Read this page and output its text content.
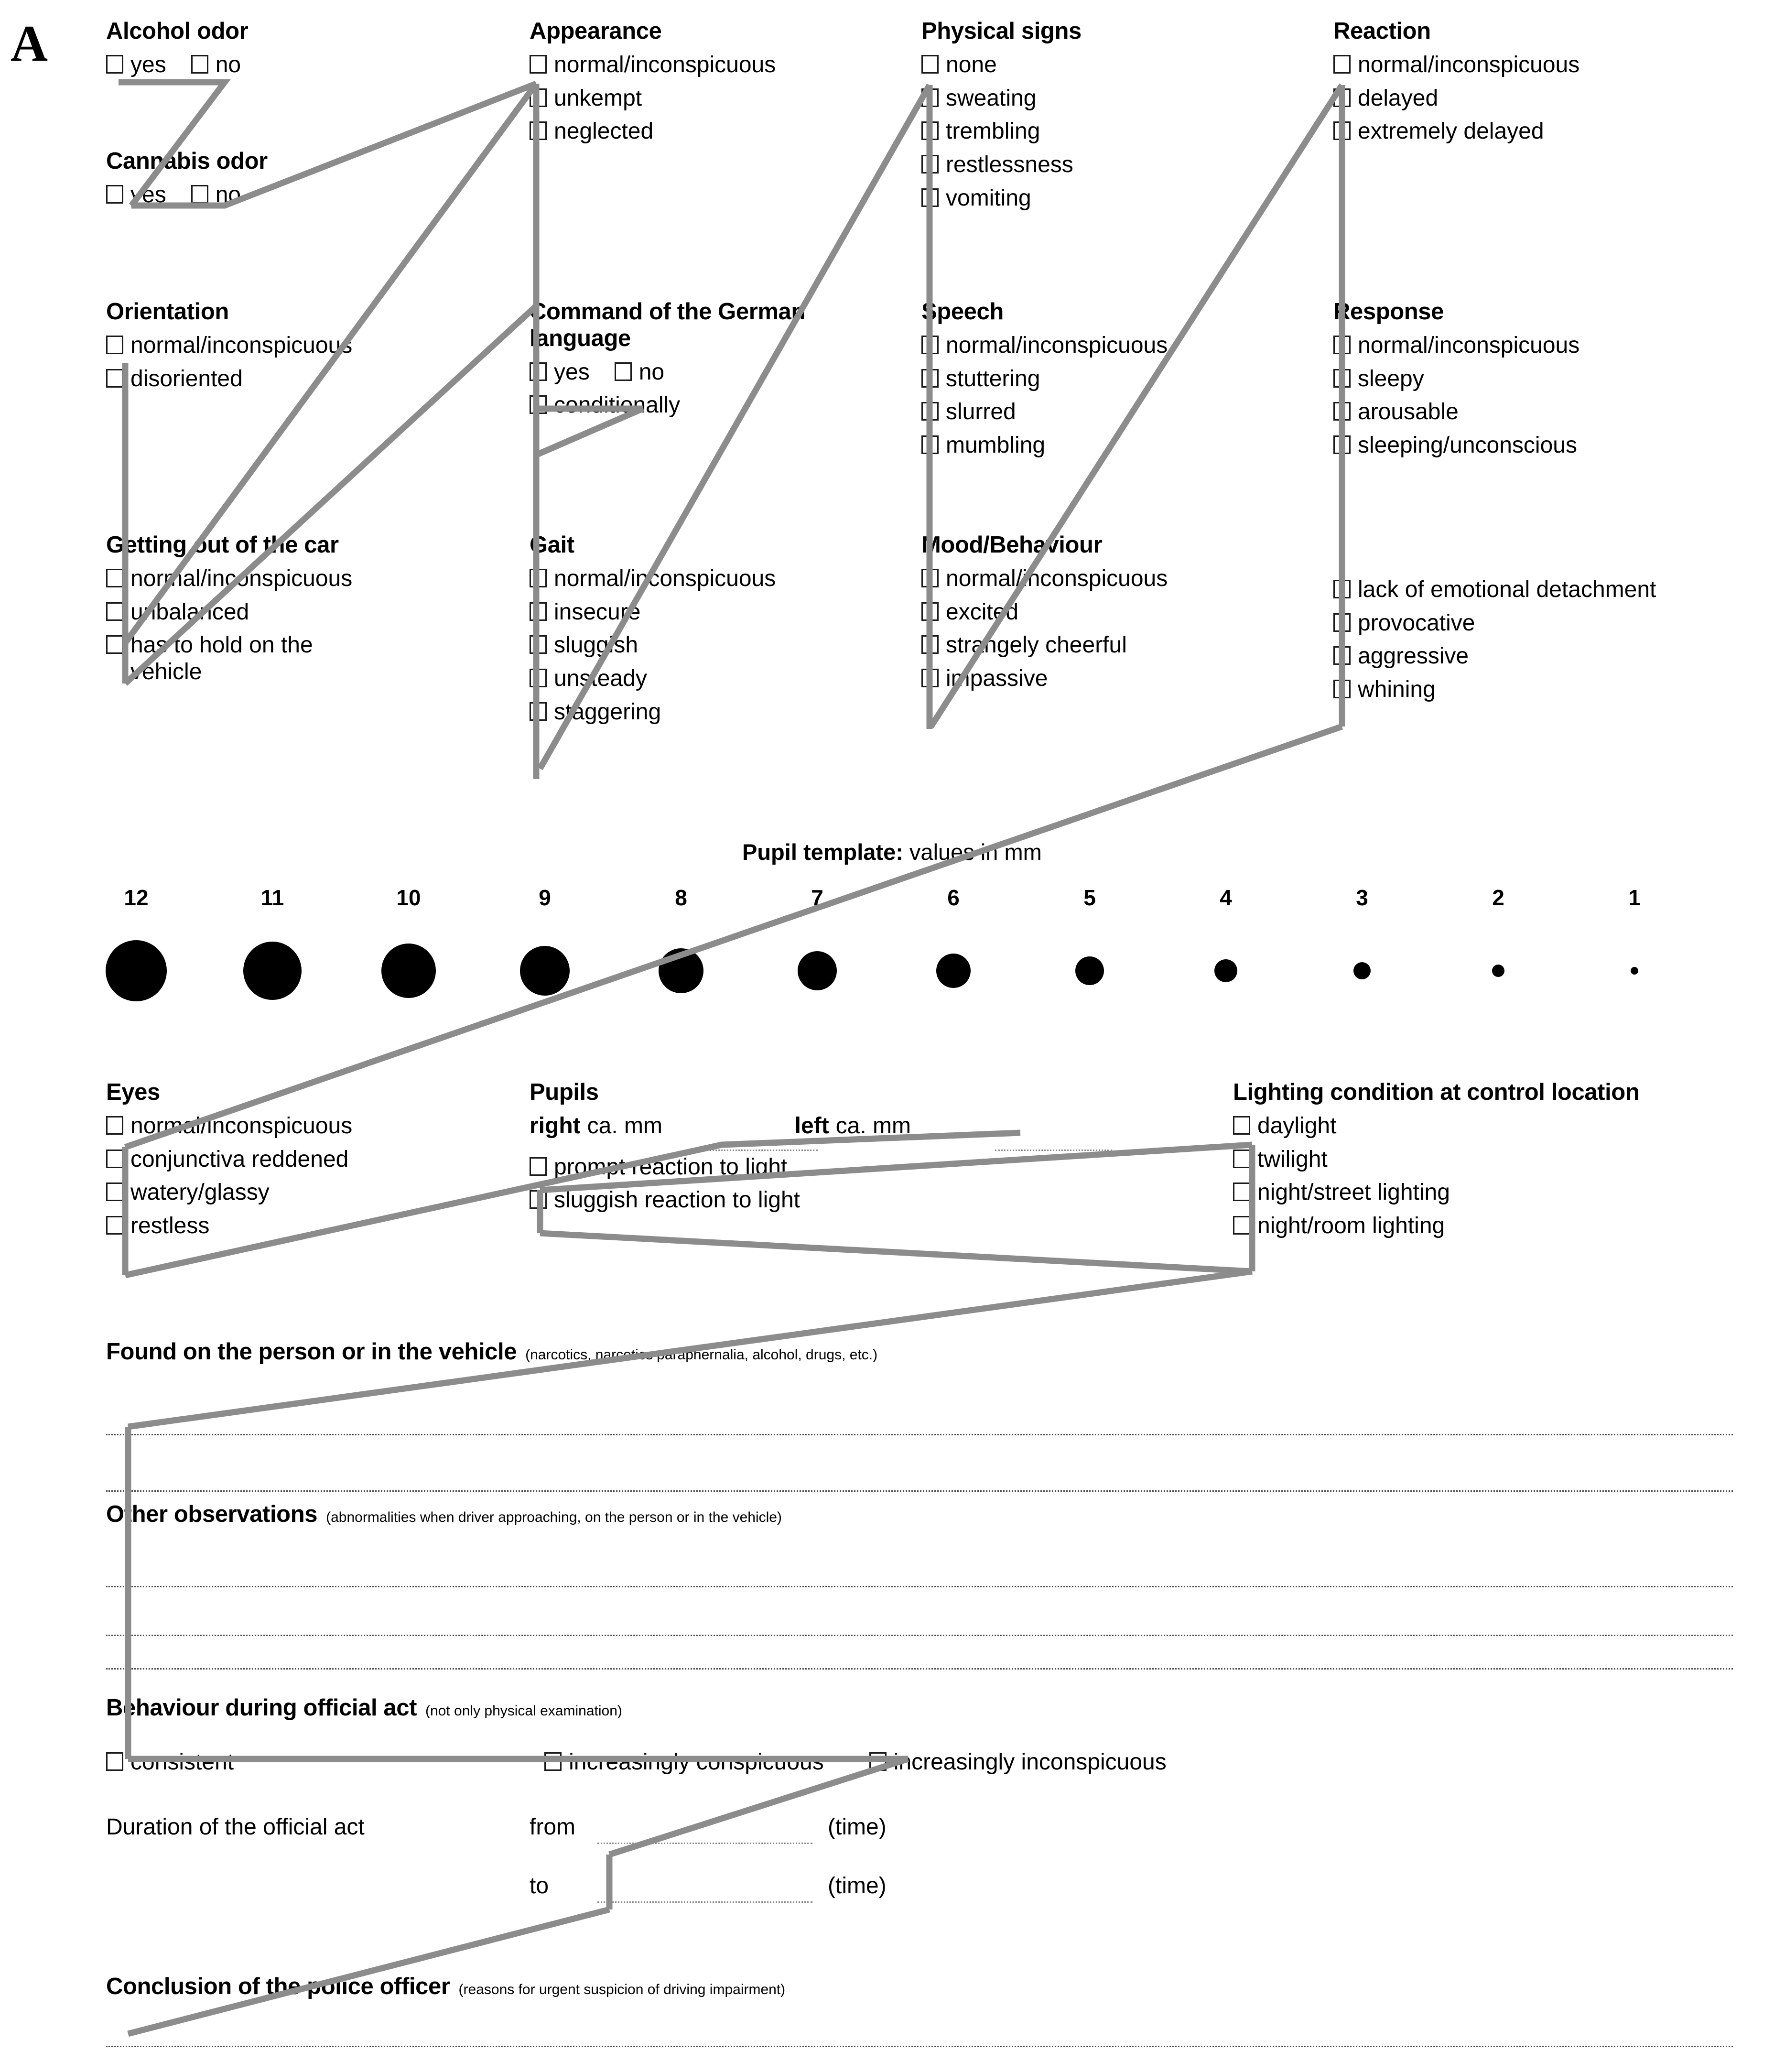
A Alcohol odor
yes no
Cannabis odor
yes no
Appearance
normal/inconspicuous
unkempt
neglected
Physical signs
none
sweating
trembling
restlessness
vomiting
Reaction
normal/inconspicuous
delayed
extremely delayed
Orientation
normal/inconspicuous
disoriented
Command of the German language
yes no
conditionally
Speech
normal/inconspicuous
stuttering
slurred
mumbling
Response
normal/inconspicuous
sleepy
arousable
sleeping/unconscious
Getting out of the car
normal/inconspicuous
unbalanced
has to hold on the vehicle
Gait
normal/inconspicuous
insecure
sluggish
unsteady
staggering
Mood/Behaviour
normal/inconspicuous
excited
strangely cheerful
impassive
lack of emotional detachment
provocative
aggressive
whining
Pupil template: values in mm
12	11	10	9	8	7	6	5	4	3	2	1
Eyes
normal/inconspicuous
conjunctiva reddened
watery/glassy
restless
Pupils
right ca. mm	left ca. mm
prompt reaction to light
sluggish reaction to light
Lighting condition at control location
daylight
twilight
night/street lighting
night/room lighting
Found on the person or in the vehicle (narcotics, narcotics paraphernalia, alcohol, drugs, etc.)
Other observations (abnormalities when driver approaching, on the person or in the vehicle)
Behaviour during official act (not only physical examination)
consistent	increasingly conspicuous	increasingly inconspicuous
Duration of the official act	from	(time)
to	(time)
Conclusion of the police officer (reasons for urgent suspicion of driving impairment)
